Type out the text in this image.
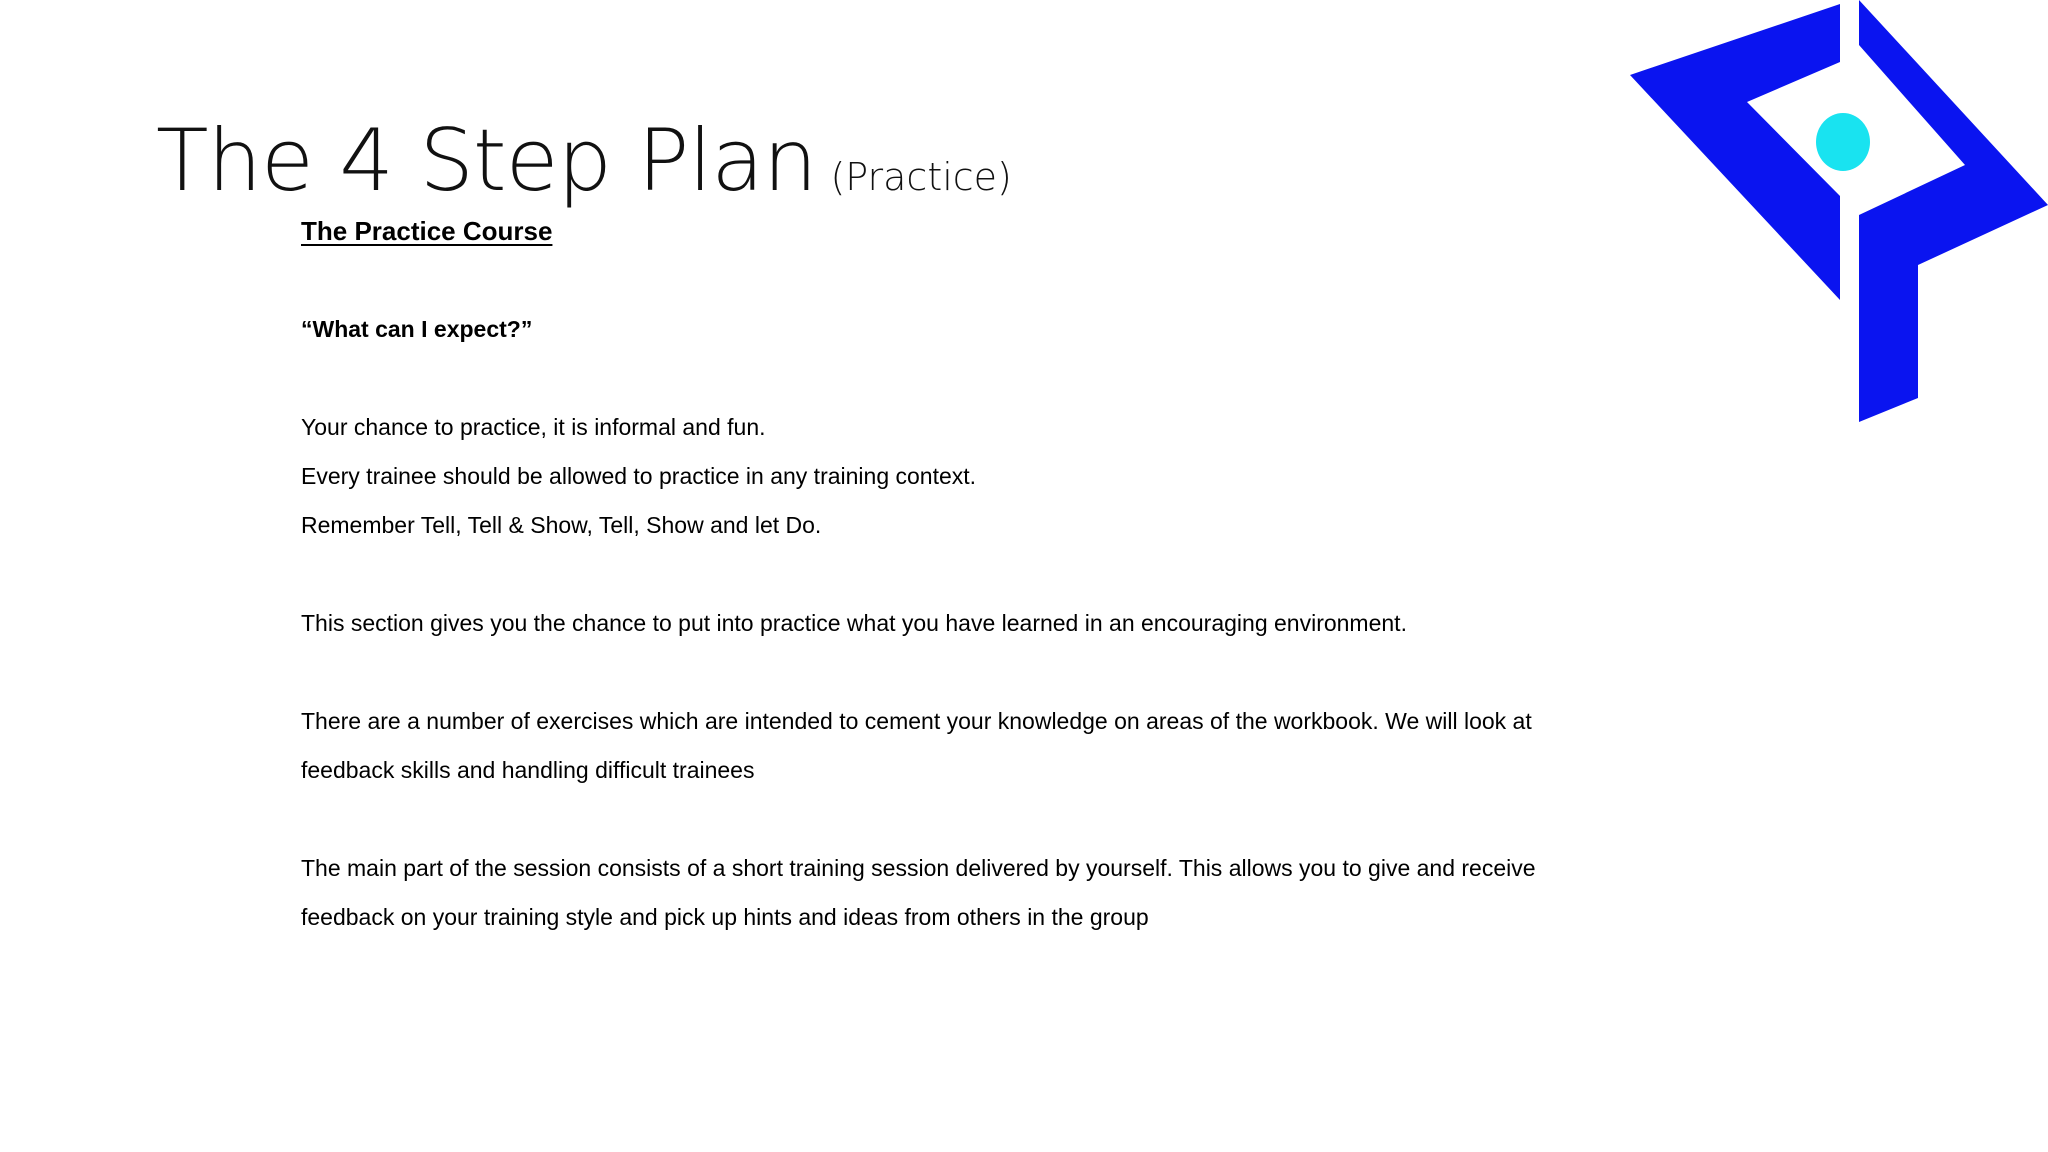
The 4 Step Plan (Practice)
The Practice Course
“What can I expect?”
Your chance to practice, it is informal and fun.
Every trainee should be allowed to practice in any training context.
Remember Tell, Tell & Show, Tell, Show and let Do.
This section gives you the chance to put into practice what you have learned in an encouraging environment.
There are a number of exercises which are intended to cement your knowledge on areas of the workbook. We will look at
feedback skills and handling difficult trainees
The main part of the session consists of a short training session delivered by yourself. This allows you to give and receive
feedback on your training style and pick up hints and ideas from others in the group
